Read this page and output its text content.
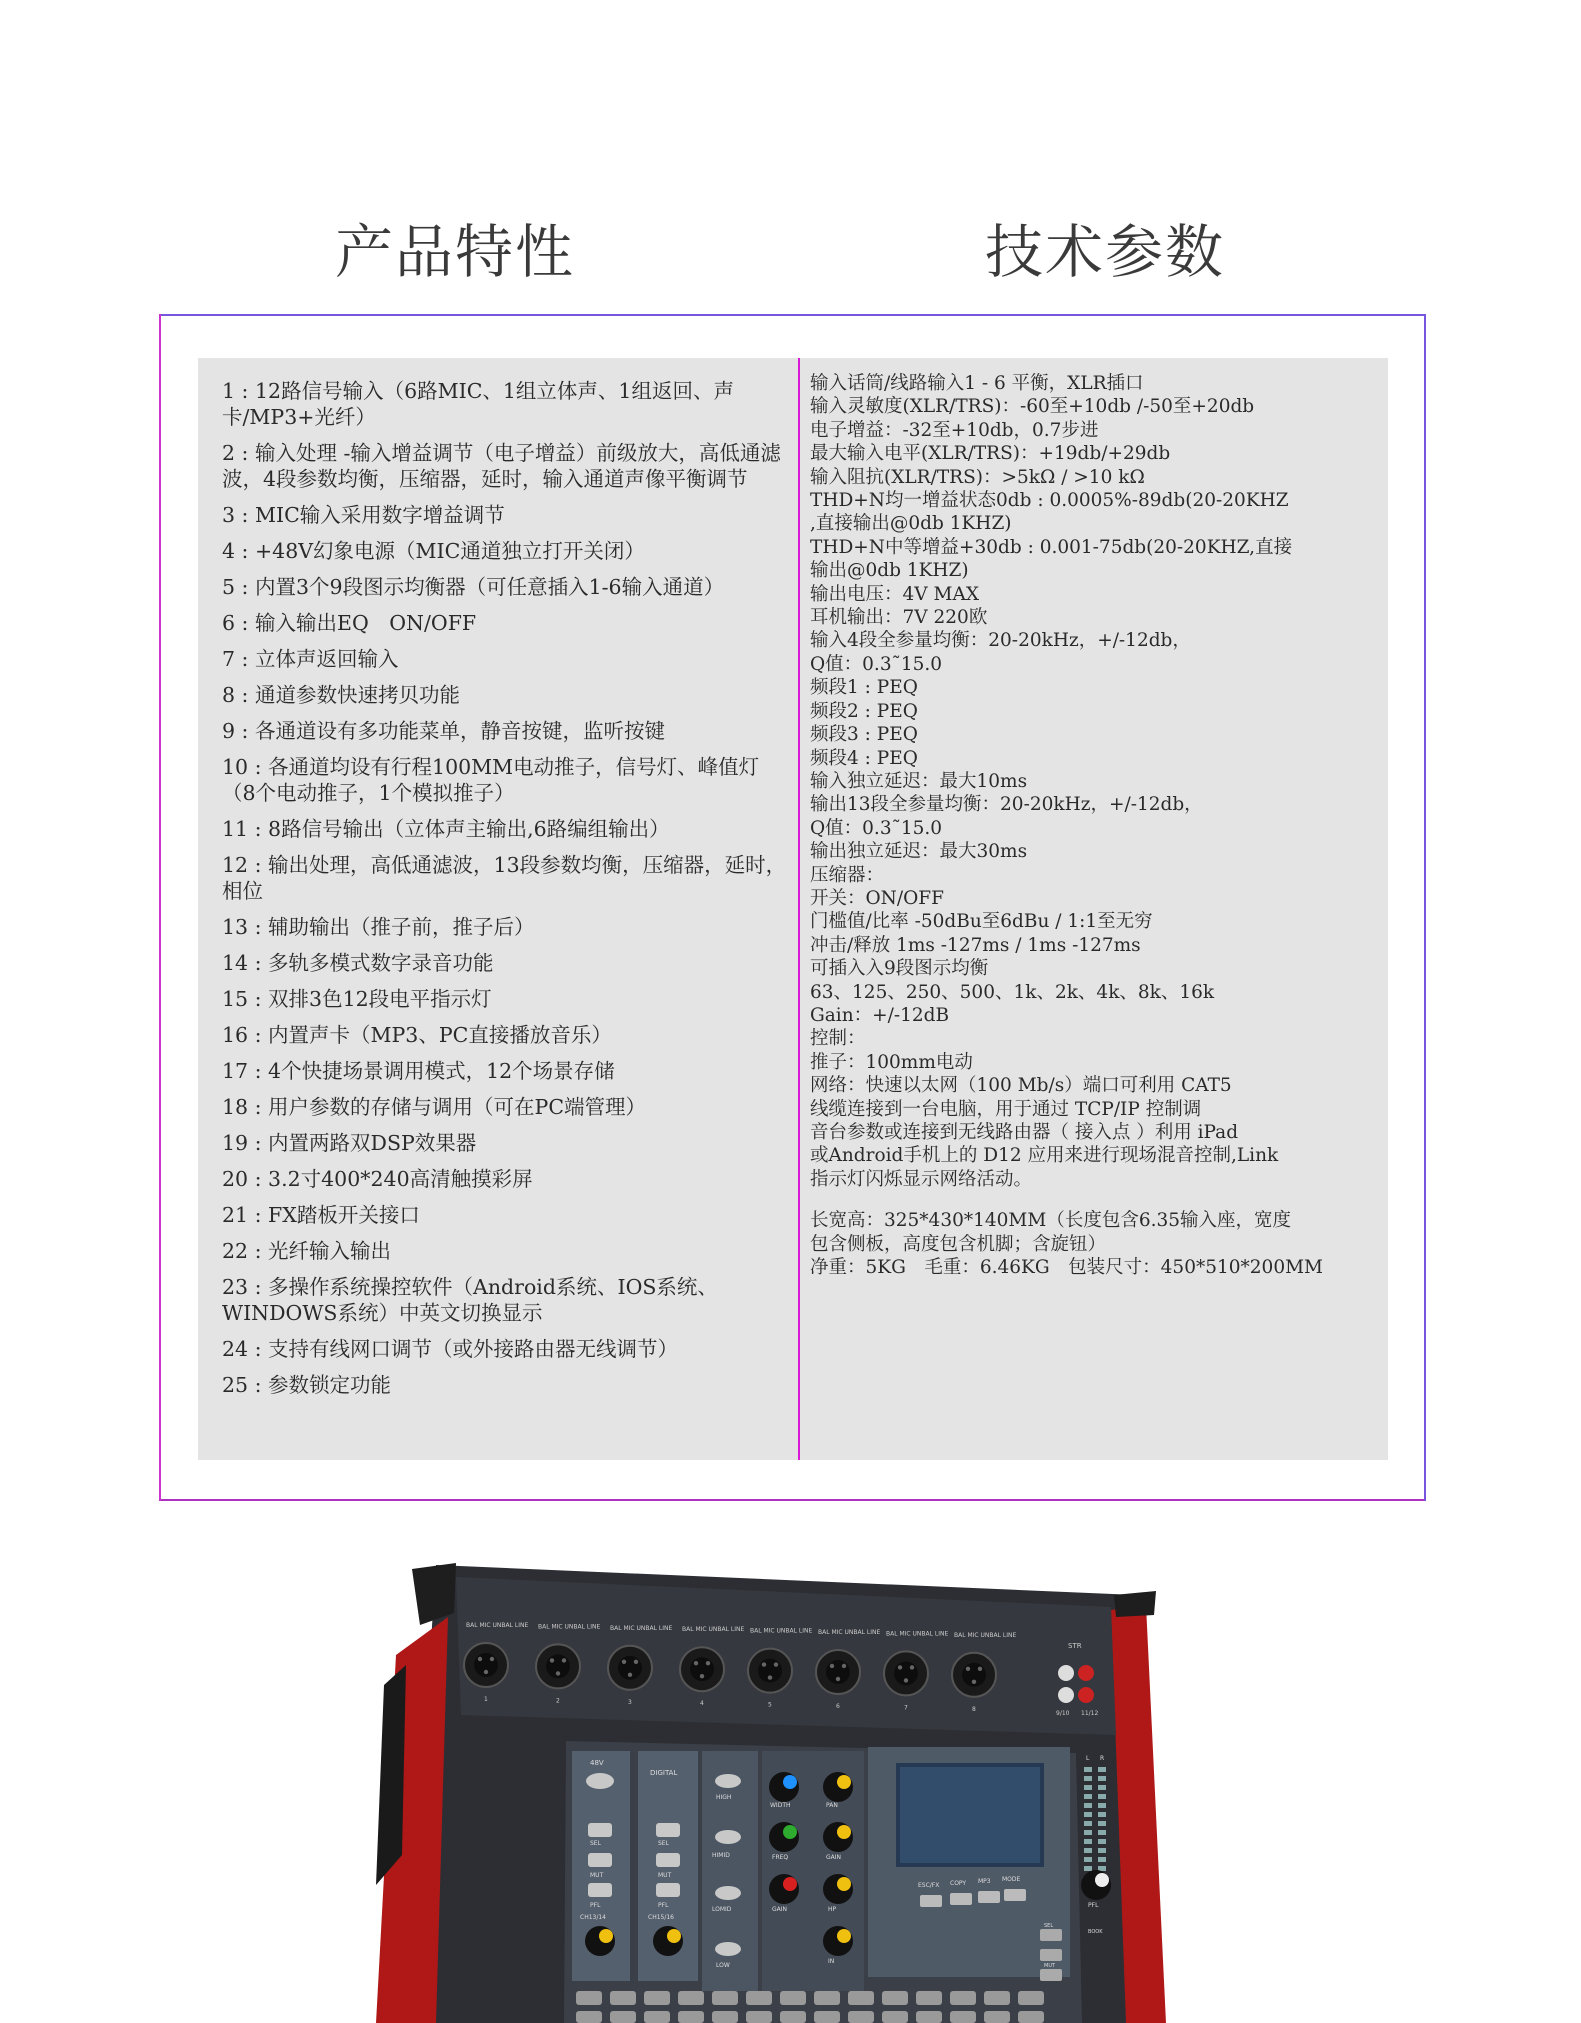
产品特性	技术参数
1 : 12路信号输入（6路MIC、1组立体声、1组返回、声卡/MP3+光纤）
2 : 输入处理 -输入增益调节（电子增益）前级放大，高低通滤波，4段参数均衡，压缩器，延时，输入通道声像平衡调节
3 : MIC输入采用数字增益调节
4 : +48V幻象电源（MIC通道独立打开关闭）
5 : 内置3个9段图示均衡器（可任意插入1-6输入通道）
6 : 输入输出EQ　ON/OFF
7 : 立体声返回输入
8 : 通道参数快速拷贝功能
9 : 各通道设有多功能菜单，静音按键，监听按键
10 : 各通道均设有行程100MM电动推子，信号灯、峰值灯（8个电动推子，1个模拟推子）
11 : 8路信号输出（立体声主输出,6路编组输出）
12 : 输出处理，高低通滤波，13段参数均衡，压缩器，延时，相位
13 : 辅助输出（推子前，推子后）
14 : 多轨多模式数字录音功能
15 : 双排3色12段电平指示灯
16 : 内置声卡（MP3、PC直接播放音乐）
17 : 4个快捷场景调用模式，12个场景存储
18 : 用户参数的存储与调用（可在PC端管理）
19 : 内置两路双DSP效果器
20 : 3.2寸400*240高清触摸彩屏
21 : FX踏板开关接口
22 : 光纤输入输出
23 : 多操作系统操控软件（Android系统、IOS系统、WINDOWS系统）中英文切换显示
24 : 支持有线网口调节（或外接路由器无线调节）
25 : 参数锁定功能
输入话筒/线路输入1 - 6 平衡，XLR插口
输入灵敏度(XLR/TRS)：-60至+10db /-50至+20db
电子增益：-32至+10db，0.7步进
最大输入电平(XLR/TRS)：+19db/+29db
输入阻抗(XLR/TRS)：>5kΩ / >10 kΩ
THD+N均一增益状态0db : 0.0005%-89db(20-20KHZ
,直接输出@0db 1KHZ)
THD+N中等增益+30db : 0.001-75db(20-20KHZ,直接
输出@0db 1KHZ)
输出电压：4V MAX
耳机输出：7V 220欧
输入4段全参量均衡：20-20kHz，+/-12db，
Q值：0.3˜15.0
频段1 : PEQ
频段2 : PEQ
频段3 : PEQ
频段4 : PEQ
输入独立延迟：最大10ms
输出13段全参量均衡：20-20kHz，+/-12db，
Q值：0.3˜15.0
输出独立延迟：最大30ms
压缩器：
开关：ON/OFF
门槛值/比率 -50dBu至6dBu / 1:1至无穷
冲击/释放 1ms -127ms / 1ms -127ms
可插入入9段图示均衡
63、125、250、500、1k、2k、4k、8k、16k
Gain：+/-12dB
控制：
推子：100mm电动
网络：快速以太网（100 Mb/s）端口可利用 CAT5
线缆连接到一台电脑，用于通过 TCP/IP 控制调
音台参数或连接到无线路由器（ 接入点 ）利用 iPad
或Android手机上的 D12 应用来进行现场混音控制,Link
指示灯闪烁显示网络活动。
长宽高：325*430*140MM（长度包含6.35输入座，宽度
包含侧板，高度包含机脚；含旋钮）
净重：5KG　毛重：6.46KG　包装尺寸：450*510*200MM
BAL MIC UNBAL LINE
1
BAL MIC UNBAL LINE
2
BAL MIC UNBAL LINE
3
BAL MIC UNBAL LINE
4
BAL MIC UNBAL LINE
5
BAL MIC UNBAL LINE
6
BAL MIC UNBAL LINE
7
BAL MIC UNBAL LINE
8
STR
9/10 11/12
L R
48V
DIGITAL
HIGH
HIMID
LOMID
LOW
WIDTH
FREQ
GAIN
PAN
GAIN
HP
IN
SEL
MUT
PFL
CH13/14
SEL
MUT
PFL
CH15/16
ESC/FX COPY MP3 MODE
PFL
SEL
BOOK
MUT
